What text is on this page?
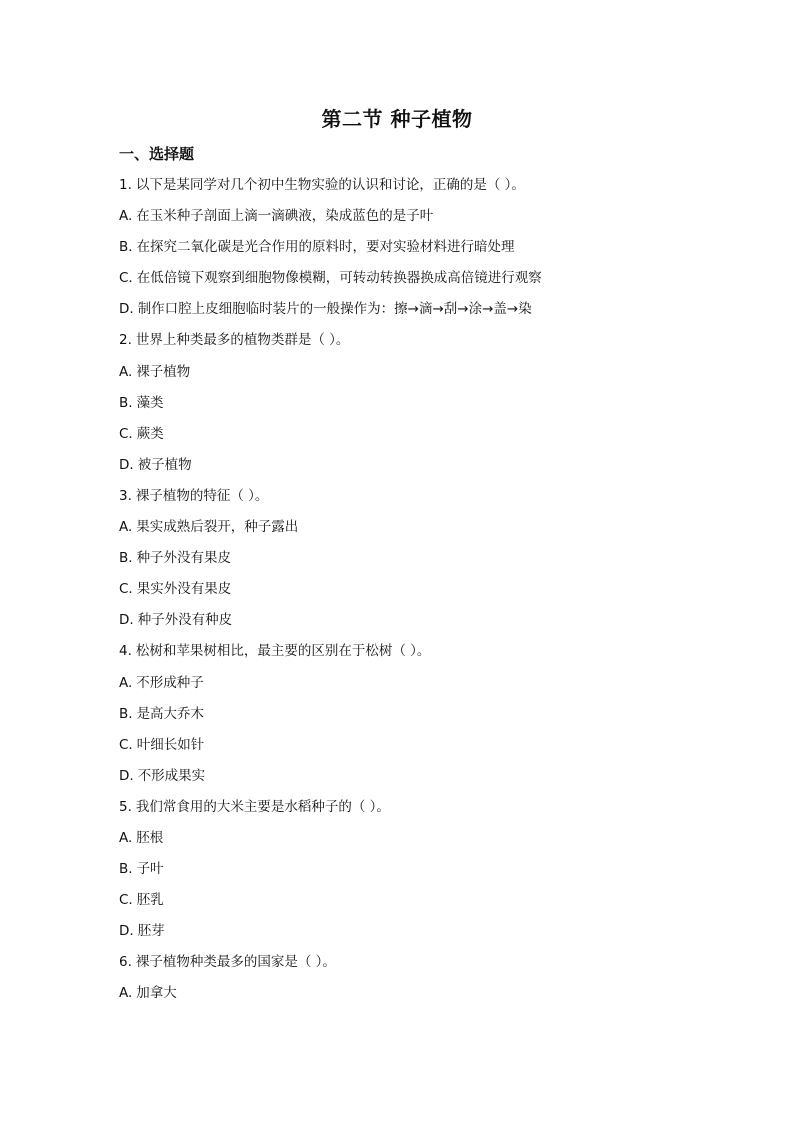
第二节 种子植物
一、选择题
1. 以下是某同学对几个初中生物实验的认识和讨论，正确的是（ ）。
A. 在玉米种子剖面上滴一滴碘液，染成蓝色的是子叶
B. 在探究二氧化碳是光合作用的原料时，要对实验材料进行暗处理
C. 在低倍镜下观察到细胞物像模糊，可转动转换器换成高倍镜进行观察
D. 制作口腔上皮细胞临时装片的一般操作为：擦→滴→刮→涂→盖→染
2. 世界上种类最多的植物类群是（ ）。
A. 裸子植物
B. 藻类
C. 蕨类
D. 被子植物
3. 裸子植物的特征（ ）。
A. 果实成熟后裂开，种子露出
B. 种子外没有果皮
C. 果实外没有果皮
D. 种子外没有种皮
4. 松树和苹果树相比，最主要的区别在于松树（ ）。
A. 不形成种子
B. 是高大乔木
C. 叶细长如针
D. 不形成果实
5. 我们常食用的大米主要是水稻种子的（ ）。
A. 胚根
B. 子叶
C. 胚乳
D. 胚芽
6. 裸子植物种类最多的国家是（ ）。
A. 加拿大
